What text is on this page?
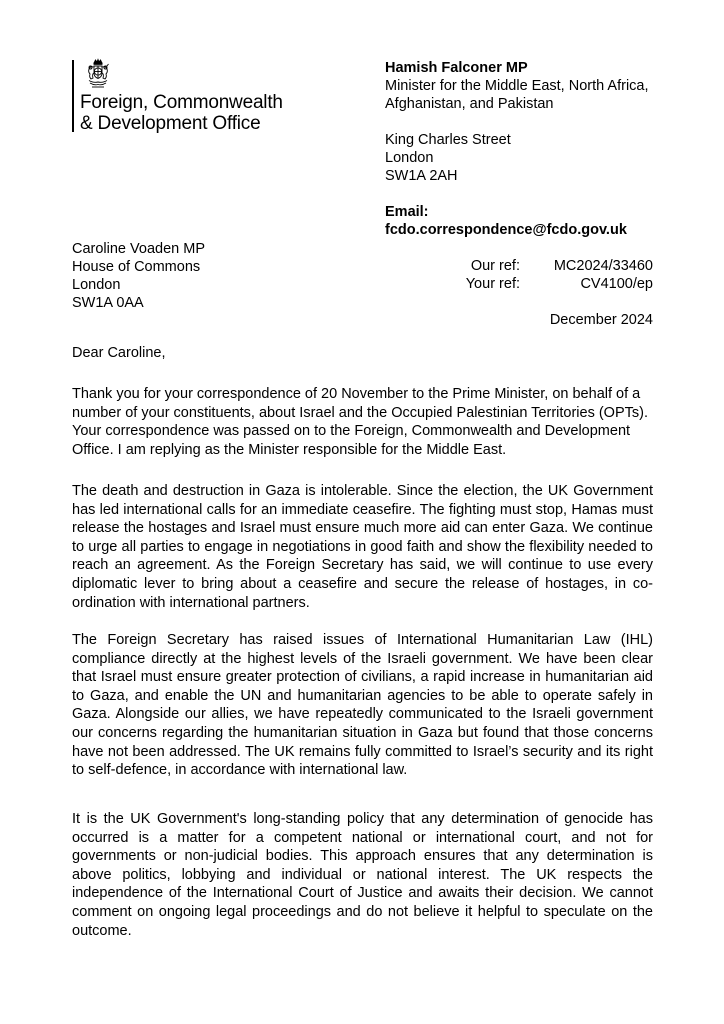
Foreign, Commonwealth
& Development Office
Hamish Falconer MP
Minister for the Middle East, North Africa,
Afghanistan, and Pakistan
King Charles Street
London
SW1A 2AH
Email:
fcdo.correspondence@fcdo.gov.uk
Caroline Voaden MP
House of Commons
London
SW1A 0AA
Our ref: MC2024/33460
Your ref:	CV4100/ep
December 2024
Dear Caroline,

Thank you for your correspondence of 20 November to the Prime Minister, on behalf of a number of your constituents, about Israel and the Occupied Palestinian Territories (OPTs). Your correspondence was passed on to the Foreign, Commonwealth and Development Office. I am replying as the Minister responsible for the Middle East.

The death and destruction in Gaza is intolerable. Since the election, the UK Government has led international calls for an immediate ceasefire. The fighting must stop, Hamas must release the hostages and Israel must ensure much more aid can enter Gaza. We continue to urge all parties to engage in negotiations in good faith and show the flexibility needed to reach an agreement. As the Foreign Secretary has said, we will continue to use every diplomatic lever to bring about a ceasefire and secure the release of hostages, in co-ordination with international partners.

The Foreign Secretary has raised issues of International Humanitarian Law (IHL) compliance directly at the highest levels of the Israeli government. We have been clear that Israel must ensure greater protection of civilians, a rapid increase in humanitarian aid to Gaza, and enable the UN and humanitarian agencies to be able to operate safely in Gaza. Alongside our allies, we have repeatedly communicated to the Israeli government our concerns regarding the humanitarian situation in Gaza but found that those concerns have not been addressed. The UK remains fully committed to Israel’s security and its right to self-defence, in accordance with international law.

It is the UK Government's long-standing policy that any determination of genocide has occurred is a matter for a competent national or international court, and not for governments or non-judicial bodies. This approach ensures that any determination is above politics, lobbying and individual or national interest. The UK respects the independence of the International Court of Justice and awaits their decision. We cannot comment on ongoing legal proceedings and do not believe it helpful to speculate on the outcome.
